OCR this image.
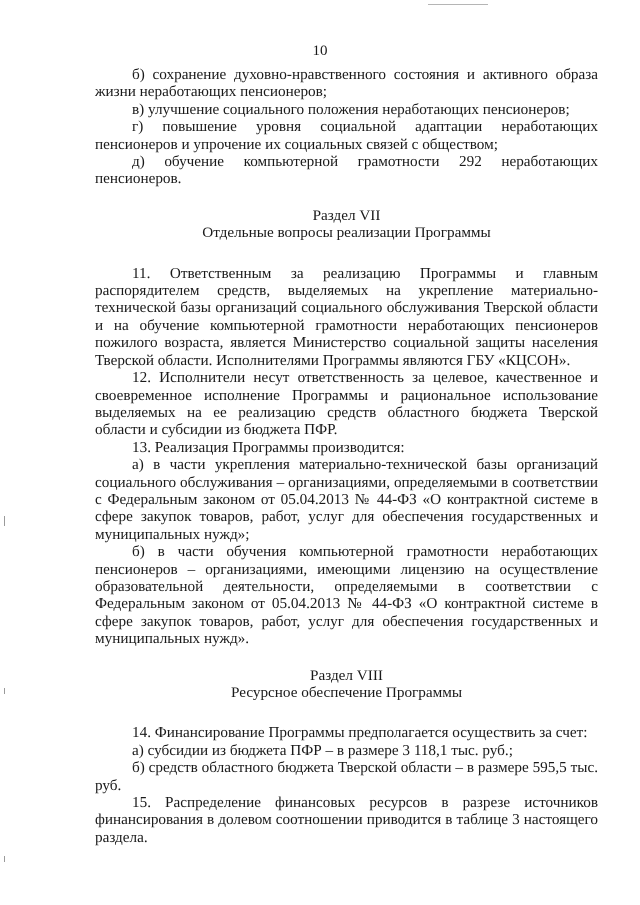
10

б) сохранение духовно-нравственного состояния и активного образа жизни неработающих пенсионеров;

в) улучшение социального положения неработающих пенсионеров;

г) повышение уровня социальной адаптации неработающих пенсионеров и упрочение их социальных связей с обществом;

д) обучение компьютерной грамотности 292 неработающих пенсионеров.

Раздел VII

Отдельные вопросы реализации Программы

11. Ответственным за реализацию Программы и главным распорядителем средств, выделяемых на укрепление материально- технической базы организаций социального обслуживания Тверской области и на обучение компьютерной грамотности неработающих пенсионеров пожилого возраста, является Министерство социальной защиты населения Тверской области. Исполнителями Программы являются ГБУ «КЦСОН».

12. Исполнители несут ответственность за целевое, качественное и своевременное исполнение Программы и рациональное использование выделяемых на ее реализацию средств областного бюджета Тверской области и субсидии из бюджета ПФР.

13. Реализация Программы производится:

а) в части укрепления материально-технической базы организаций социального обслуживания – организациями, определяемыми в соответствии с Федеральным законом от 05.04.2013 № 44-ФЗ «О контрактной системе в сфере закупок товаров, работ, услуг для обеспечения государственных и муниципальных нужд»;

б) в части обучения компьютерной грамотности неработающих пенсионеров – организациями, имеющими лицензию на осуществление образовательной деятельности, определяемыми в соответствии с Федеральным законом от 05.04.2013 № 44-ФЗ «О контрактной системе в сфере закупок товаров, работ, услуг для обеспечения государственных и муниципальных нужд».

Раздел VIII

Ресурсное обеспечение Программы

14. Финансирование Программы предполагается осуществить за счет:

а) субсидии из бюджета ПФР – в размере 3 118,1 тыс. руб.;

б) средств областного бюджета Тверской области – в размере 595,5 тыс. руб.

15. Распределение финансовых ресурсов в разрезе источников финансирования в долевом соотношении приводится в таблице 3 настоящего раздела.
